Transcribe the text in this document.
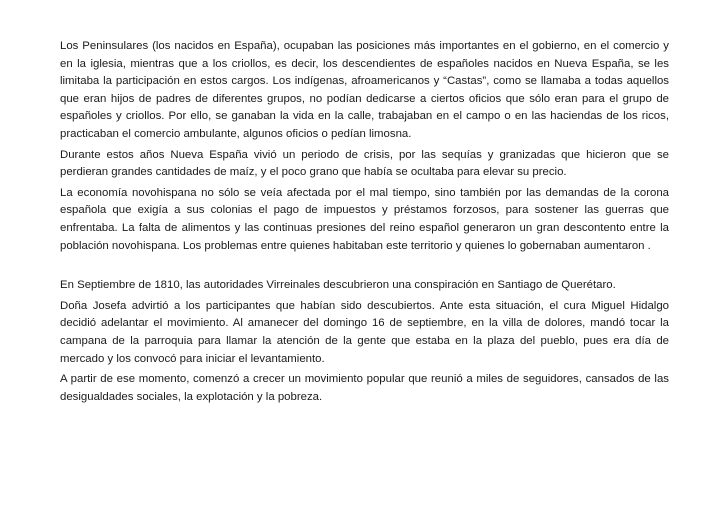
Los Peninsulares (los nacidos en España), ocupaban las posiciones más importantes en el gobierno, en el comercio y en la iglesia, mientras que a los criollos, es decir, los descendientes de españoles nacidos en Nueva España, se les limitaba la participación en estos cargos. Los indígenas, afroamericanos y “Castas”, como se llamaba a todas aquellos que eran hijos de padres de diferentes grupos, no podían dedicarse a ciertos oficios que sólo eran para el grupo de españoles y criollos. Por ello, se ganaban la vida en la calle, trabajaban en el campo o en las haciendas de los ricos, practicaban el comercio ambulante, algunos oficios o pedían limosna.

Durante estos años Nueva España vivió un periodo de crisis, por las sequías y granizadas que hicieron que se perdieran grandes cantidades de maíz, y el poco grano que había se ocultaba para elevar su precio.

La economía novohispana no sólo se veía afectada por el mal tiempo, sino también por las demandas de la corona española que exigía a sus colonias el pago de impuestos y préstamos forzosos, para sostener las guerras que enfrentaba. La falta de alimentos y las continuas presiones del reino español generaron un gran descontento entre la población novohispana. Los problemas entre quienes habitaban este territorio y quienes lo gobernaban aumentaron .

En Septiembre de 1810, las autoridades Virreinales descubrieron una conspiración en Santiago de Querétaro.

Doña Josefa advirtió a los participantes que habían sido descubiertos. Ante esta situación, el cura Miguel Hidalgo decidió adelantar el movimiento. Al amanecer del domingo 16 de septiembre, en la villa de dolores, mandó tocar la campana de la parroquia para llamar la atención de la gente que estaba en la plaza del pueblo, pues era día de mercado y los convocó para iniciar el levantamiento.

A partir de ese momento, comenzó a crecer un movimiento popular que reunió a miles de seguidores, cansados de las desigualdades sociales, la explotación y la pobreza.
